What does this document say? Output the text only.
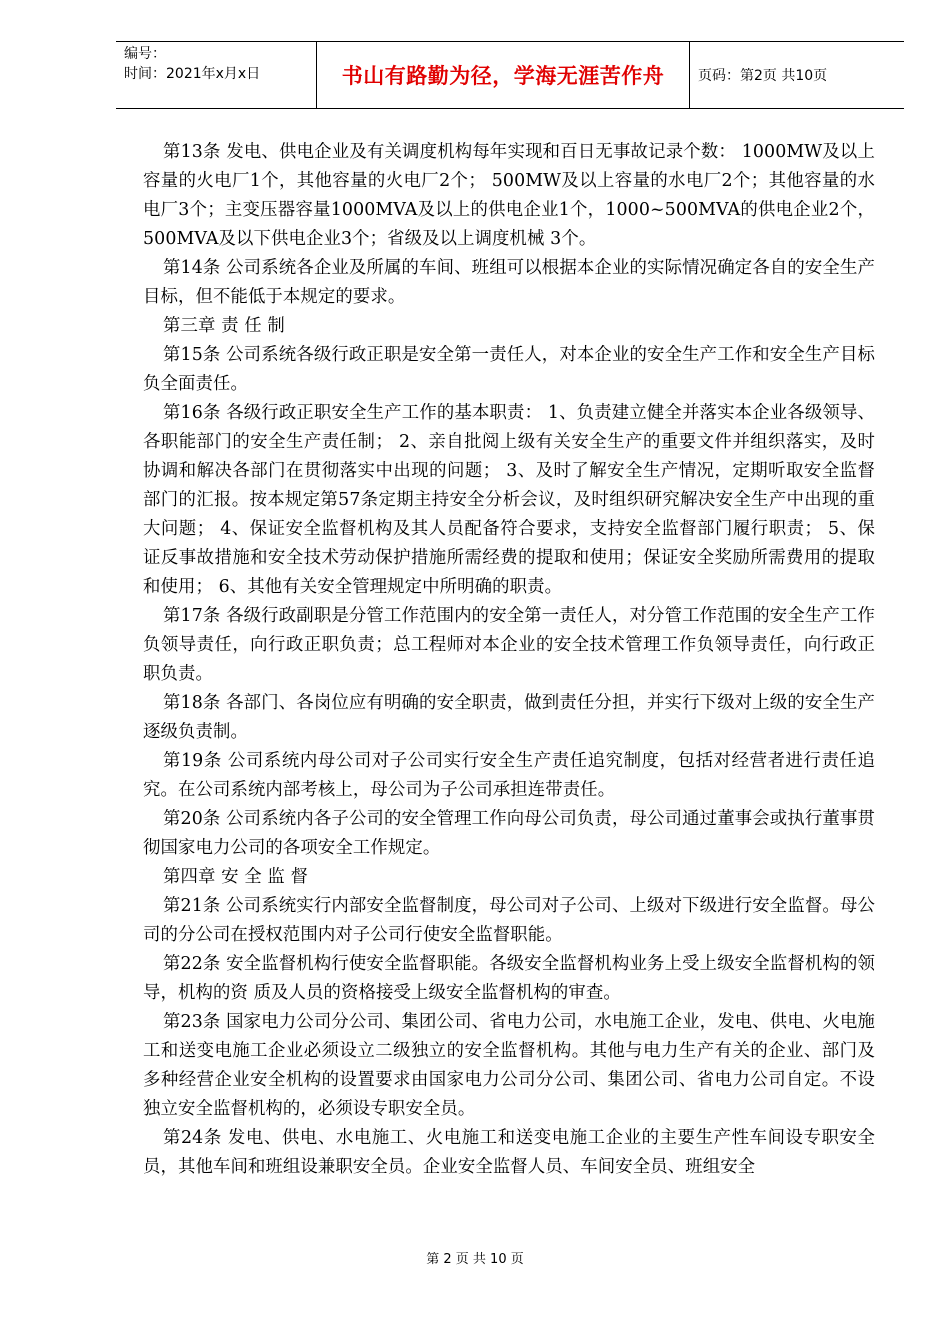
编号：
时间：2021年x月x日	书山有路勤为径，学海无涯苦作舟	页码：第2页 共10页

第13条 发电、供电企业及有关调度机构每年实现和百日无事故记录个数： 1000MW及以上容量的火电厂1个，其他容量的火电厂2个； 500MW及以上容量的水电厂2个；其他容量的水电厂3个；主变压器容量1000MVA及以上的供电企业1个，1000~500MVA的供电企业2个，500MVA及以下供电企业3个；省级及以上调度机械 3个。

第14条 公司系统各企业及所属的车间、班组可以根据本企业的实际情况确定各自的安全生产目标，但不能低于本规定的要求。

第三章 责 任 制

第15条 公司系统各级行政正职是安全第一责任人，对本企业的安全生产工作和安全生产目标负全面责任。

第16条 各级行政正职安全生产工作的基本职责： 1、负责建立健全并落实本企业各级领导、各职能部门的安全生产责任制； 2、亲自批阅上级有关安全生产的重要文件并组织落实，及时协调和解决各部门在贯彻落实中出现的问题； 3、及时了解安全生产情况，定期听取安全监督部门的汇报。按本规定第57条定期主持安全分析会议，及时组织研究解决安全生产中出现的重大问题； 4、保证安全监督机构及其人员配备符合要求，支持安全监督部门履行职责； 5、保证反事故措施和安全技术劳动保护措施所需经费的提取和使用；保证安全奖励所需费用的提取和使用； 6、其他有关安全管理规定中所明确的职责。

第17条 各级行政副职是分管工作范围内的安全第一责任人，对分管工作范围的安全生产工作负领导责任，向行政正职负责；总工程师对本企业的安全技术管理工作负领导责任，向行政正职负责。

第18条 各部门、各岗位应有明确的安全职责，做到责任分担，并实行下级对上级的安全生产逐级负责制。

第19条 公司系统内母公司对子公司实行安全生产责任追究制度，包括对经营者进行责任追究。在公司系统内部考核上，母公司为子公司承担连带责任。

第20条 公司系统内各子公司的安全管理工作向母公司负责，母公司通过董事会或执行董事贯彻国家电力公司的各项安全工作规定。

第四章 安 全 监 督

第21条 公司系统实行内部安全监督制度，母公司对子公司、上级对下级进行安全监督。母公司的分公司在授权范围内对子公司行使安全监督职能。

第22条 安全监督机构行使安全监督职能。各级安全监督机构业务上受上级安全监督机构的领导，机构的资 质及人员的资格接受上级安全监督机构的审查。

第23条 国家电力公司分公司、集团公司、省电力公司，水电施工企业，发电、供电、火电施工和送变电施工企业必须设立二级独立的安全监督机构。其他与电力生产有关的企业、部门及多种经营企业安全机构的设置要求由国家电力公司分公司、集团公司、省电力公司自定。不设独立安全监督机构的，必须设专职安全员。

第24条 发电、供电、水电施工、火电施工和送变电施工企业的主要生产性车间设专职安全员，其他车间和班组设兼职安全员。企业安全监督人员、车间安全员、班组安全

第 2 页 共 10 页
